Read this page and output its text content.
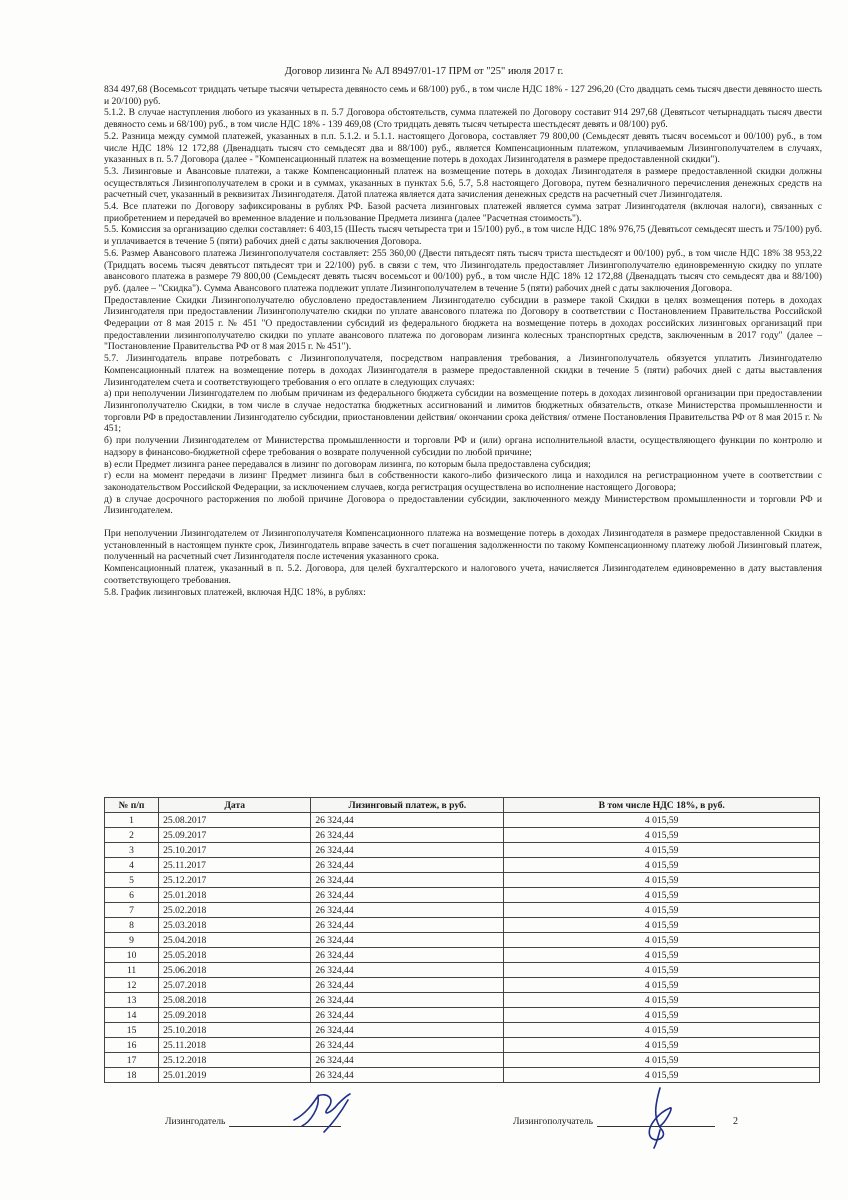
Договор лизинга № АЛ 89497/01-17 ПРМ от "25" июля 2017 г.

834 497,68 (Восемьсот тридцать четыре тысячи четыреста девяносто семь и 68/100) руб., в том числе НДС 18% - 127 296,20 (Сто двадцать семь тысяч двести девяносто шесть и 20/100) руб.

5.1.2. В случае наступления любого из указанных в п. 5.7 Договора обстоятельств, сумма платежей по Договору составит 914 297,68 (Девятьсот четырнадцать тысяч двести девяносто семь и 68/100) руб., в том числе НДС 18% - 139 469,08 (Сто тридцать девять тысяч четыреста шестьдесят девять и 08/100) руб.

5.2. Разница между суммой платежей, указанных в п.п. 5.1.2. и 5.1.1. настоящего Договора, составляет 79 800,00 (Семьдесят девять тысяч восемьсот и 00/100) руб., в том числе НДС 18% 12 172,88 (Двенадцать тысяч сто семьдесят два и 88/100) руб., является Компенсационным платежом, уплачиваемым Лизингополучателем в случаях, указанных в п. 5.7 Договора (далее - "Компенсационный платеж на возмещение потерь в доходах Лизингодателя в размере предоставленной скидки").

5.3. Лизинговые и Авансовые платежи, а также Компенсационный платеж на возмещение потерь в доходах Лизингодателя в размере предоставленной скидки должны осуществляться Лизингополучателем в сроки и в суммах, указанных в пунктах 5.6, 5.7, 5.8 настоящего Договора, путем безналичного перечисления денежных средств на расчетный счет, указанный в реквизитах Лизингодателя. Датой платежа является дата зачисления денежных средств на расчетный счет Лизингодателя.

5.4. Все платежи по Договору зафиксированы в рублях РФ. Базой расчета лизинговых платежей является сумма затрат Лизингодателя (включая налоги), связанных с приобретением и передачей во временное владение и пользование Предмета лизинга (далее "Расчетная стоимость").

5.5. Комиссия за организацию сделки составляет: 6 403,15 (Шесть тысяч четыреста три и 15/100) руб., в том числе НДС 18% 976,75 (Девятьсот семьдесят шесть и 75/100) руб. и уплачивается в течение 5 (пяти) рабочих дней с даты заключения Договора.

5.6. Размер Авансового платежа Лизингополучателя составляет: 255 360,00 (Двести пятьдесят пять тысяч триста шестьдесят и 00/100) руб., в том числе НДС 18% 38 953,22 (Тридцать восемь тысяч девятьсот пятьдесят три и 22/100) руб. в связи с тем, что Лизингодатель предоставляет Лизингополучателю единовременную скидку по уплате авансового платежа в размере 79 800,00 (Семьдесят девять тысяч восемьсот и 00/100) руб., в том числе НДС 18% 12 172,88 (Двенадцать тысяч сто семьдесят два и 88/100) руб. (далее – "Скидка"). Сумма Авансового платежа подлежит уплате Лизингополучателем в течение 5 (пяти) рабочих дней с даты заключения Договора.

Предоставление Скидки Лизингополучателю обусловлено предоставлением Лизингодателю субсидии в размере такой Скидки в целях возмещения потерь в доходах Лизингодателя при предоставлении Лизингополучателю скидки по уплате авансового платежа по Договору в соответствии с Постановлением Правительства Российской Федерации от 8 мая 2015 г. № 451 "О предоставлении субсидий из федерального бюджета на возмещение потерь в доходах российских лизинговых организаций при предоставлении лизингополучателю скидки по уплате авансового платежа по договорам лизинга колесных транспортных средств, заключенным в 2017 году" (далее – "Постановление Правительства РФ от 8 мая 2015 г. № 451").

5.7. Лизингодатель вправе потребовать с Лизингополучателя, посредством направления требования, а Лизингополучатель обязуется уплатить Лизингодателю Компенсационный платеж на возмещение потерь в доходах Лизингодателя в размере предоставленной скидки в течение 5 (пяти) рабочих дней с даты выставления Лизингодателем счета и соответствующего требования о его оплате в следующих случаях:

а) при неполучении Лизингодателем по любым причинам из федерального бюджета субсидии на возмещение потерь в доходах лизинговой организации при предоставлении Лизингополучателю Скидки, в том числе в случае недостатка бюджетных ассигнований и лимитов бюджетных обязательств, отказе Министерства промышленности и торговли РФ в предоставлении Лизингодателю субсидии, приостановлении действия/ окончании срока действия/ отмене Постановления Правительства РФ от 8 мая 2015 г. № 451;

б) при получении Лизингодателем от Министерства промышленности и торговли РФ и (или) органа исполнительной власти, осуществляющего функции по контролю и надзору в финансово-бюджетной сфере требования о возврате полученной субсидии по любой причине;

в) если Предмет лизинга ранее передавался в лизинг по договорам лизинга, по которым была предоставлена субсидия;

г) если на момент передачи в лизинг Предмет лизинга был в собственности какого-либо физического лица и находился на регистрационном учете в соответствии с законодательством Российской Федерации, за исключением случаев, когда регистрация осуществлена во исполнение настоящего Договора;

д) в случае досрочного расторжения по любой причине Договора о предоставлении субсидии, заключенного между Министерством промышленности и торговли РФ и Лизингодателем.

При неполучении Лизингодателем от Лизингополучателя Компенсационного платежа на возмещение потерь в доходах Лизингодателя в размере предоставленной Скидки в установленный в настоящем пункте срок, Лизингодатель вправе зачесть в счет погашения задолженности по такому Компенсационному платежу любой Лизинговый платеж, полученный на расчетный счет Лизингодателя после истечения указанного срока.

Компенсационный платеж, указанный в п. 5.2. Договора, для целей бухгалтерского и налогового учета, начисляется Лизингодателем единовременно в дату выставления соответствующего требования.

5.8. График лизинговых платежей, включая НДС 18%, в рублях:

№ п/п	Дата	Лизинговый платеж, в руб.	В том числе НДС 18%, в руб.
1	25.08.2017	26 324,44	4 015,59
2	25.09.2017	26 324,44	4 015,59
3	25.10.2017	26 324,44	4 015,59
4	25.11.2017	26 324,44	4 015,59
5	25.12.2017	26 324,44	4 015,59
6	25.01.2018	26 324,44	4 015,59
7	25.02.2018	26 324,44	4 015,59
8	25.03.2018	26 324,44	4 015,59
9	25.04.2018	26 324,44	4 015,59
10	25.05.2018	26 324,44	4 015,59
11	25.06.2018	26 324,44	4 015,59
12	25.07.2018	26 324,44	4 015,59
13	25.08.2018	26 324,44	4 015,59
14	25.09.2018	26 324,44	4 015,59
15	25.10.2018	26 324,44	4 015,59
16	25.11.2018	26 324,44	4 015,59
17	25.12.2018	26 324,44	4 015,59
18	25.01.2019	26 324,44	4 015,59
Лизингодатель	Лизингополучатель	2
